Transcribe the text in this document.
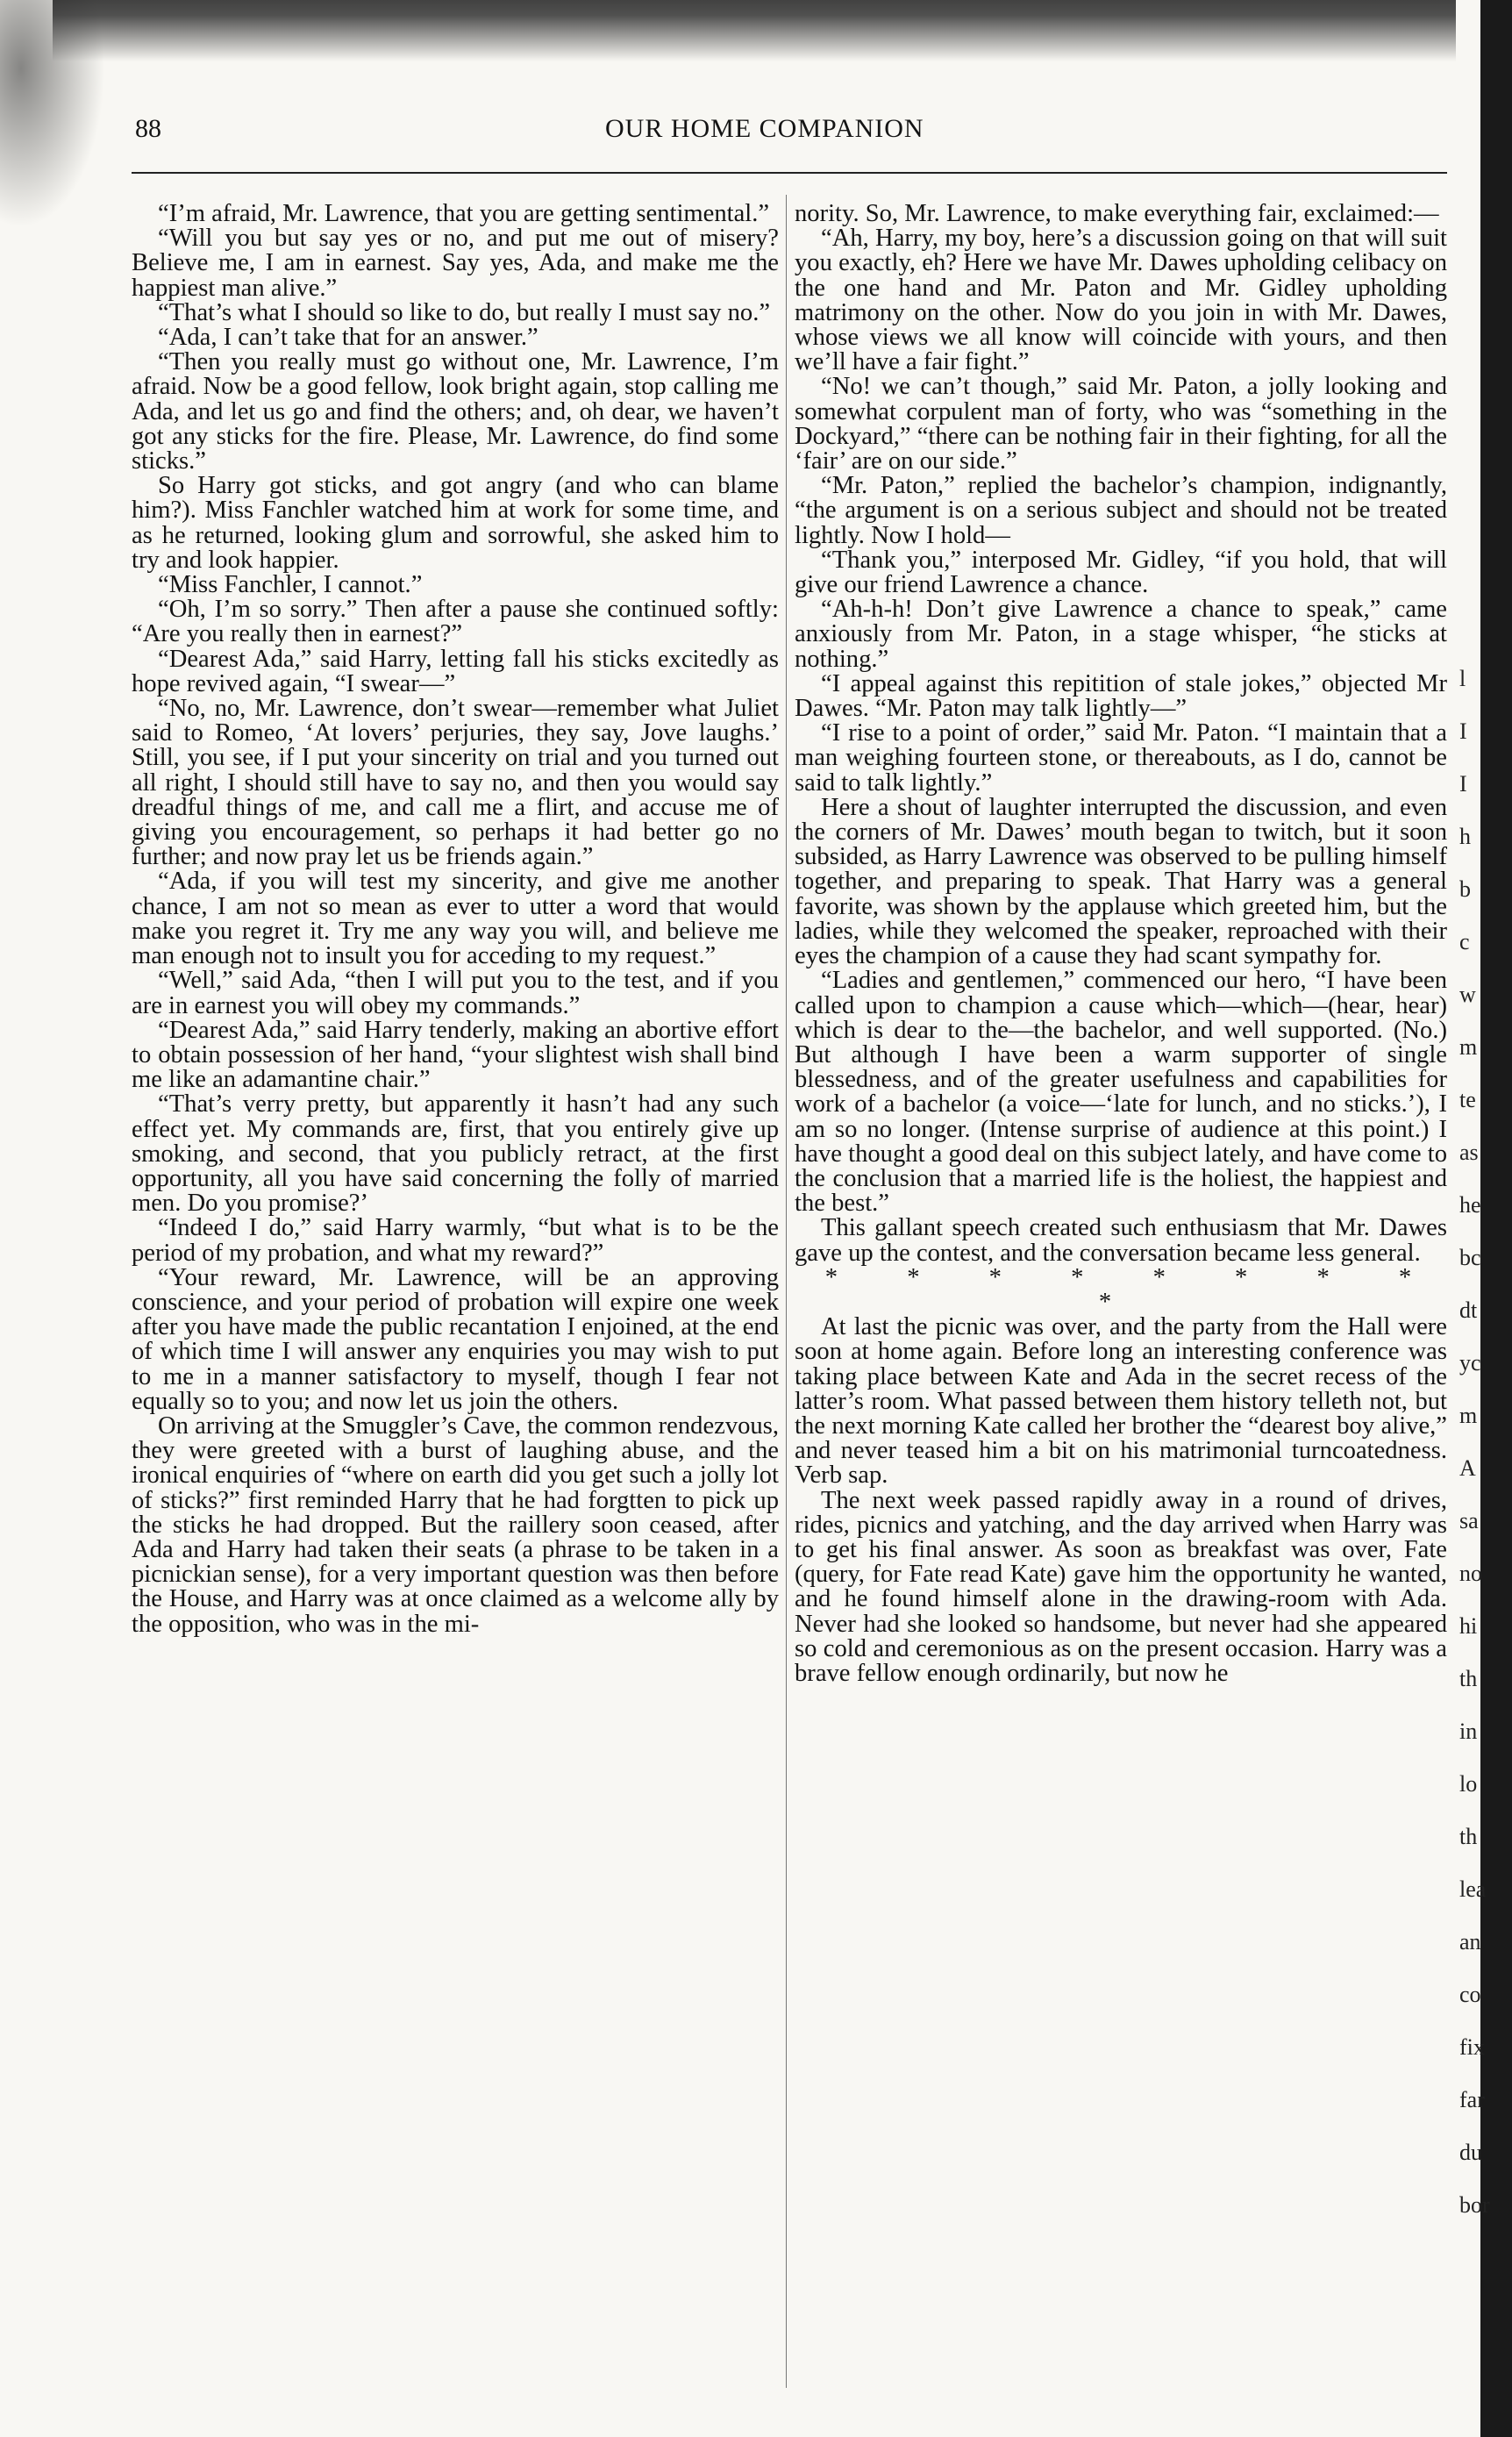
88	OUR HOME COMPANION

“I’m afraid, Mr. Lawrence, that you are getting sentimental.”

“Will you but say yes or no, and put me out of misery? Believe me, I am in earnest. Say yes, Ada, and make me the happiest man alive.”

“That’s what I should so like to do, but really I must say no.”

“Ada, I can’t take that for an answer.”

“Then you really must go without one, Mr. Lawrence, I’m afraid. Now be a good fellow, look bright again, stop calling me Ada, and let us go and find the others; and, oh dear, we haven’t got any sticks for the fire. Please, Mr. Lawrence, do find some sticks.”

So Harry got sticks, and got angry (and who can blame him?). Miss Fanchler watched him at work for some time, and as he returned, looking glum and sorrowful, she asked him to try and look happier.

“Miss Fanchler, I cannot.”

“Oh, I’m so sorry.” Then after a pause she continued softly: “Are you really then in earnest?”

“Dearest Ada,” said Harry, letting fall his sticks excitedly as hope revived again, “I swear—”

“No, no, Mr. Lawrence, don’t swear—remember what Juliet said to Romeo, ‘At lovers’ perjuries, they say, Jove laughs.’ Still, you see, if I put your sincerity on trial and you turned out all right, I should still have to say no, and then you would say dreadful things of me, and call me a flirt, and accuse me of giving you encouragement, so perhaps it had better go no further; and now pray let us be friends again.”

“Ada, if you will test my sincerity, and give me another chance, I am not so mean as ever to utter a word that would make you regret it. Try me any way you will, and believe me man enough not to insult you for acceding to my request.”

“Well,” said Ada, “then I will put you to the test, and if you are in earnest you will obey my commands.”

“Dearest Ada,” said Harry tenderly, making an abortive effort to obtain possession of her hand, “your slightest wish shall bind me like an adamantine chair.”

“That’s verry pretty, but apparently it hasn’t had any such effect yet. My commands are, first, that you entirely give up smoking, and second, that you publicly retract, at the first opportunity, all you have said concerning the folly of married men. Do you promise?’

“Indeed I do,” said Harry warmly, “but what is to be the period of my probation, and what my reward?”

“Your reward, Mr. Lawrence, will be an approving conscience, and your period of probation will expire one week after you have made the public recantation I enjoined, at the end of which time I will answer any enquiries you may wish to put to me in a manner satisfactory to myself, though I fear not equally so to you; and now let us join the others.

On arriving at the Smuggler’s Cave, the common rendezvous, they were greeted with a burst of laughing abuse, and the ironical enquiries of “where on earth did you get such a jolly lot of sticks?” first reminded Harry that he had forgtten to pick up the sticks he had dropped. But the raillery soon ceased, after Ada and Harry had taken their seats (a phrase to be taken in a picnickian sense), for a very important question was then before the House, and Harry was at once claimed as a welcome ally by the opposition, who was in the mi-

nority. So, Mr. Lawrence, to make everything fair, exclaimed:—

“Ah, Harry, my boy, here’s a discussion going on that will suit you exactly, eh? Here we have Mr. Dawes upholding celibacy on the one hand and Mr. Paton and Mr. Gidley upholding matrimony on the other. Now do you join in with Mr. Dawes, whose views we all know will coincide with yours, and then we’ll have a fair fight.”

“No! we can’t though,” said Mr. Paton, a jolly looking and somewhat corpulent man of forty, who was “something in the Dockyard,” “there can be nothing fair in their fighting, for all the ‘fair’ are on our side.”

“Mr. Paton,” replied the bachelor’s champion, indignantly, “the argument is on a serious subject and should not be treated lightly. Now I hold—

“Thank you,” interposed Mr. Gidley, “if you hold, that will give our friend Lawrence a chance.

“Ah-h-h! Don’t give Lawrence a chance to speak,” came anxiously from Mr. Paton, in a stage whisper, “he sticks at nothing.”

“I appeal against this repitition of stale jokes,” objected Mr Dawes. “Mr. Paton may talk lightly—”

“I rise to a point of order,” said Mr. Paton. “I maintain that a man weighing fourteen stone, or thereabouts, as I do, cannot be said to talk lightly.”

Here a shout of laughter interrupted the discussion, and even the corners of Mr. Dawes’ mouth began to twitch, but it soon subsided, as Harry Lawrence was observed to be pulling himself together, and preparing to speak. That Harry was a general favorite, was shown by the applause which greeted him, but the ladies, while they welcomed the speaker, reproached with their eyes the champion of a cause they had scant sympathy for.

“Ladies and gentlemen,” commenced our hero, “I have been called upon to champion a cause which—which—(hear, hear) which is dear to the—the bachelor, and well supported. (No.) But although I have been a warm supporter of single blessedness, and of the greater usefulness and capabilities for work of a bachelor (a voice—‘late for lunch, and no sticks.’), I am so no longer. (Intense surprise of audience at this point.) I have thought a good deal on this subject lately, and have come to the conclusion that a married life is the holiest, the happiest and the best.”

This gallant speech created such enthusiasm that Mr. Dawes gave up the contest, and the conversation became less general.

* * * * * * * * *

At last the picnic was over, and the party from the Hall were soon at home again. Before long an interesting conference was taking place between Kate and Ada in the secret recess of the latter’s room. What passed between them history telleth not, but the next morning Kate called her brother the “dearest boy alive,” and never teased him a bit on his matrimonial turncoatedness. Verb sap.

The next week passed rapidly away in a round of drives, rides, picnics and yatching, and the day arrived when Harry was to get his final answer. As soon as breakfast was over, Fate (query, for Fate read Kate) gave him the opportunity he wanted, and he found himself alone in the drawing-room with Ada. Never had she looked so handsome, but never had she appeared so cold and ceremonious as on the present occasion. Harry was a brave fellow enough ordinarily, but now he

l
I
I
h
b
c
w
m
te
as
he
bc
dt
yc
m
A
sa
no
hi
th
in
lo
th
lea
an
co
fix
far
du
bor
